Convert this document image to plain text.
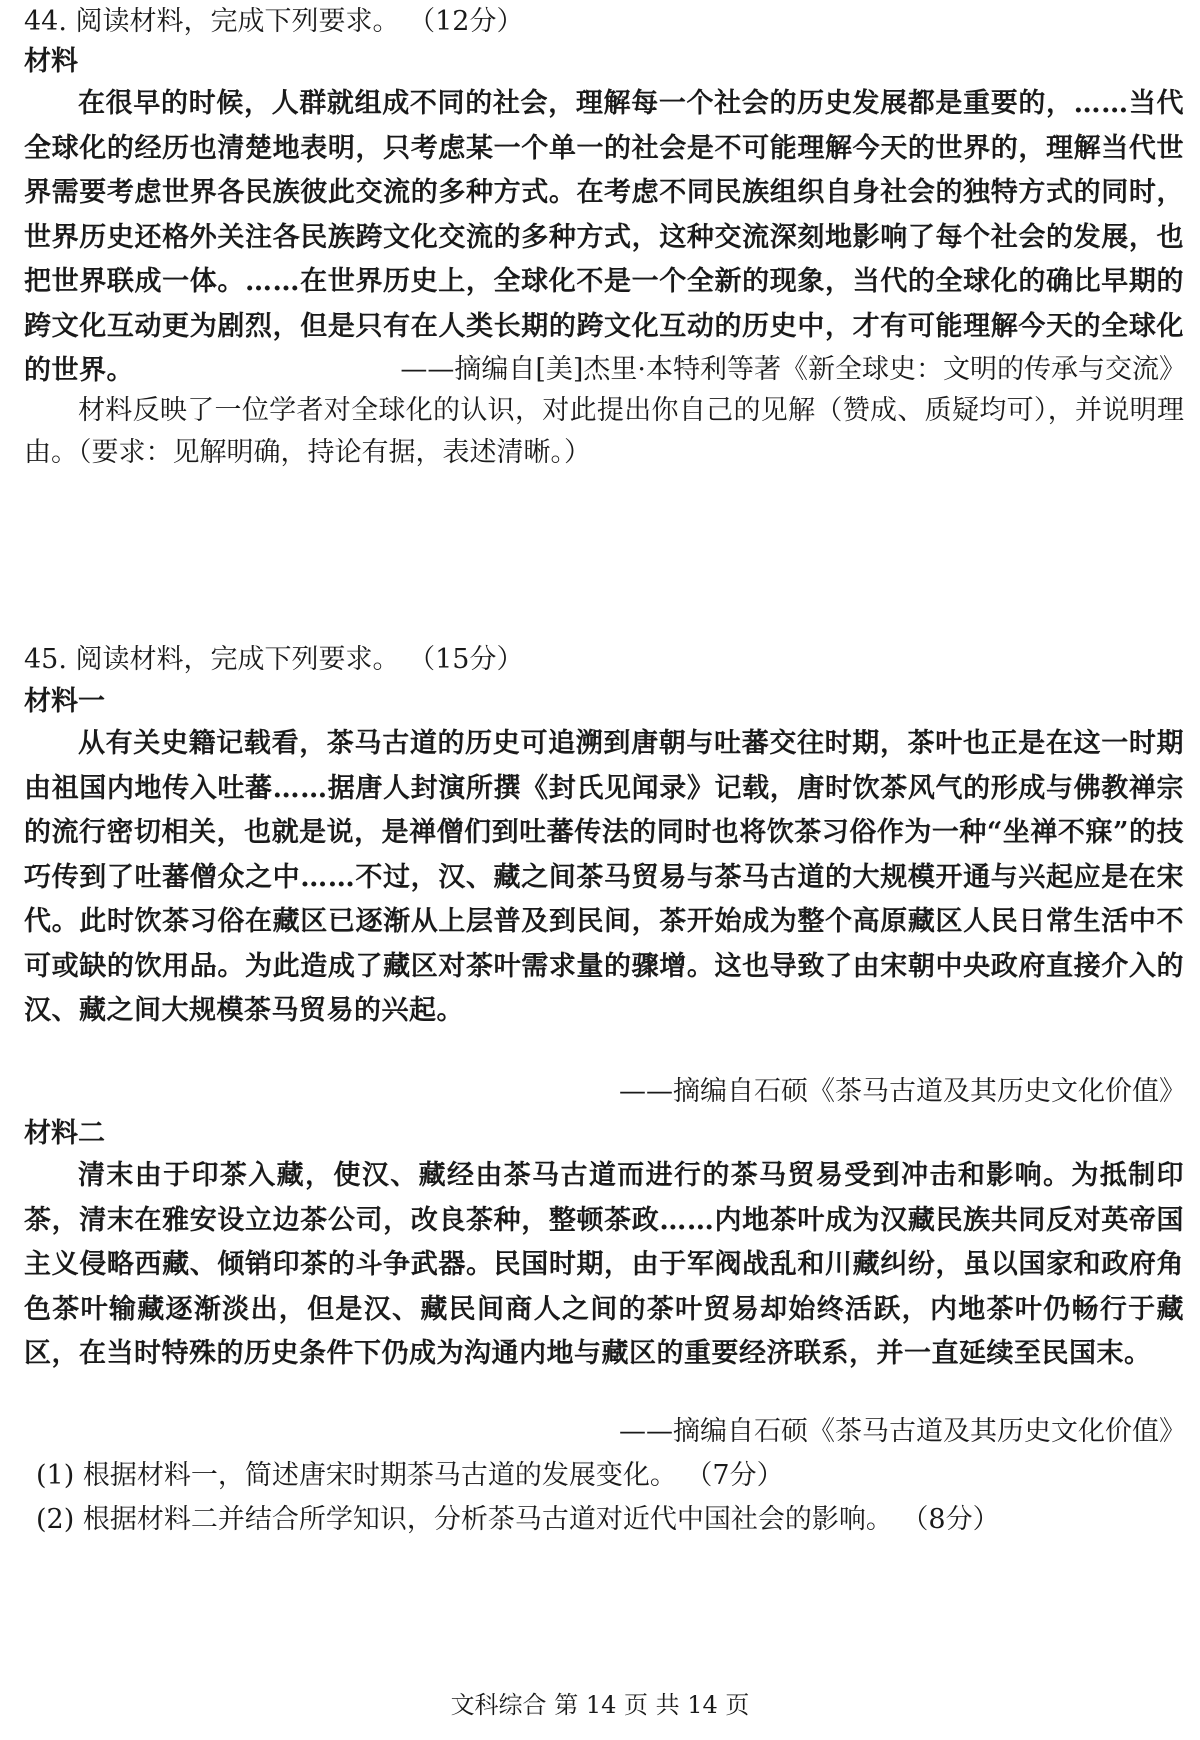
44. 阅读材料，完成下列要求。 （12分）
材料

在很早的时候，人群就组成不同的社会，理解每一个社会的历史发展都是重要的，……当代全球化的经历也清楚地表明，只考虑某一个单一的社会是不可能理解今天的世界的，理解当代世界需要考虑世界各民族彼此交流的多种方式。在考虑不同民族组织自身社会的独特方式的同时，世界历史还格外关注各民族跨文化交流的多种方式，这种交流深刻地影响了每个社会的发展，也把世界联成一体。……在世界历史上，全球化不是一个全新的现象，当代的全球化的确比早期的跨文化互动更为剧烈，但是只有在人类长期的跨文化互动的历史中，才有可能理解今天的全球化的世界。	——摘编自[美]杰里·本特利等著《新全球史：文明的传承与交流》

材料反映了一位学者对全球化的认识，对此提出你自己的见解（赞成、质疑均可），并说明理由。（要求：见解明确，持论有据，表述清晰。）

45. 阅读材料，完成下列要求。 （15分）
材料一

从有关史籍记载看，茶马古道的历史可追溯到唐朝与吐蕃交往时期，茶叶也正是在这一时期由祖国内地传入吐蕃……据唐人封演所撰《封氏见闻录》记载，唐时饮茶风气的形成与佛教禅宗的流行密切相关，也就是说，是禅僧们到吐蕃传法的同时也将饮茶习俗作为一种“坐禅不寐”的技巧传到了吐蕃僧众之中……不过，汉、藏之间茶马贸易与茶马古道的大规模开通与兴起应是在宋代。此时饮茶习俗在藏区已逐渐从上层普及到民间，茶开始成为整个高原藏区人民日常生活中不可或缺的饮用品。为此造成了藏区对茶叶需求量的骤增。这也导致了由宋朝中央政府直接介入的汉、藏之间大规模茶马贸易的兴起。

——摘编自石硕《茶马古道及其历史文化价值》
材料二

清末由于印茶入藏，使汉、藏经由茶马古道而进行的茶马贸易受到冲击和影响。为抵制印茶，清末在雅安设立边茶公司，改良茶种，整顿茶政……内地茶叶成为汉藏民族共同反对英帝国主义侵略西藏、倾销印茶的斗争武器。民国时期，由于军阀战乱和川藏纠纷，虽以国家和政府角色茶叶输藏逐渐淡出，但是汉、藏民间商人之间的茶叶贸易却始终活跃，内地茶叶仍畅行于藏区，在当时特殊的历史条件下仍成为沟通内地与藏区的重要经济联系，并一直延续至民国末。

——摘编自石硕《茶马古道及其历史文化价值》
(1) 根据材料一，简述唐宋时期茶马古道的发展变化。 （7分）
(2) 根据材料二并结合所学知识，分析茶马古道对近代中国社会的影响。 （8分）
文科综合 第 14 页 共 14 页
